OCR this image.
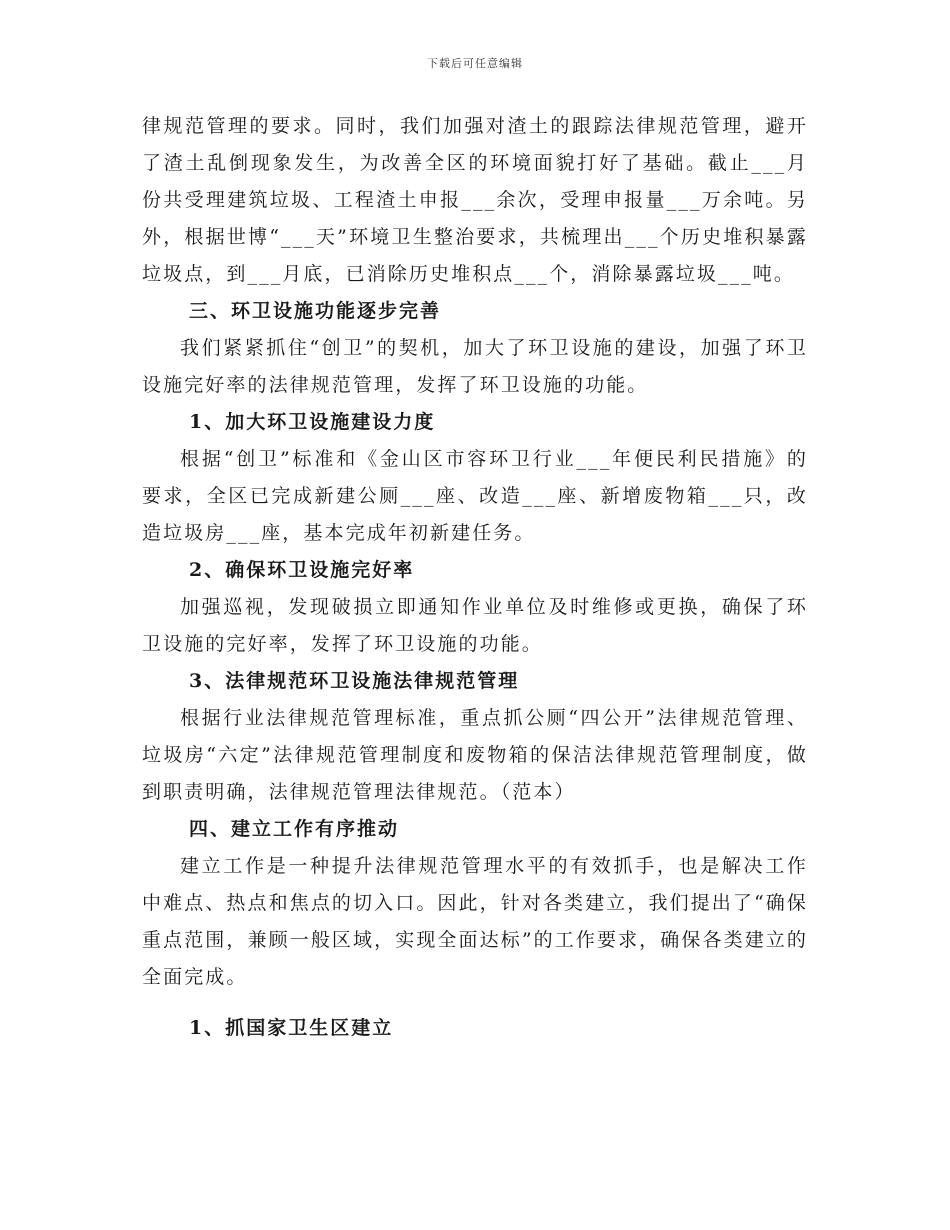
下载后可任意编辑

律规范管理的要求。同时，我们加强对渣土的跟踪法律规范管理，避开了渣土乱倒现象发生，为改善全区的环境面貌打好了基础。截止___月份共受理建筑垃圾、工程渣土申报___余次，受理申报量___万余吨。另外，根据世博“___天”环境卫生整治要求，共梳理出___个历史堆积暴露垃圾点，到___月底，已消除历史堆积点___个，消除暴露垃圾___吨。

三、环卫设施功能逐步完善

我们紧紧抓住“创卫”的契机，加大了环卫设施的建设，加强了环卫设施完好率的法律规范管理，发挥了环卫设施的功能。

1、加大环卫设施建设力度

根据“创卫”标准和《金山区市容环卫行业___年便民利民措施》的要求，全区已完成新建公厕___座、改造___座、新增废物箱___只，改造垃圾房___座，基本完成年初新建任务。

2、确保环卫设施完好率

加强巡视，发现破损立即通知作业单位及时维修或更换，确保了环卫设施的完好率，发挥了环卫设施的功能。

3、法律规范环卫设施法律规范管理

根据行业法律规范管理标准，重点抓公厕“四公开”法律规范管理、垃圾房“六定”法律规范管理制度和废物箱的保洁法律规范管理制度，做到职责明确，法律规范管理法律规范。（范本）

四、建立工作有序推动

建立工作是一种提升法律规范管理水平的有效抓手，也是解决工作中难点、热点和焦点的切入口。因此，针对各类建立，我们提出了“确保重点范围，兼顾一般区域，实现全面达标”的工作要求，确保各类建立的全面完成。

1、抓国家卫生区建立
